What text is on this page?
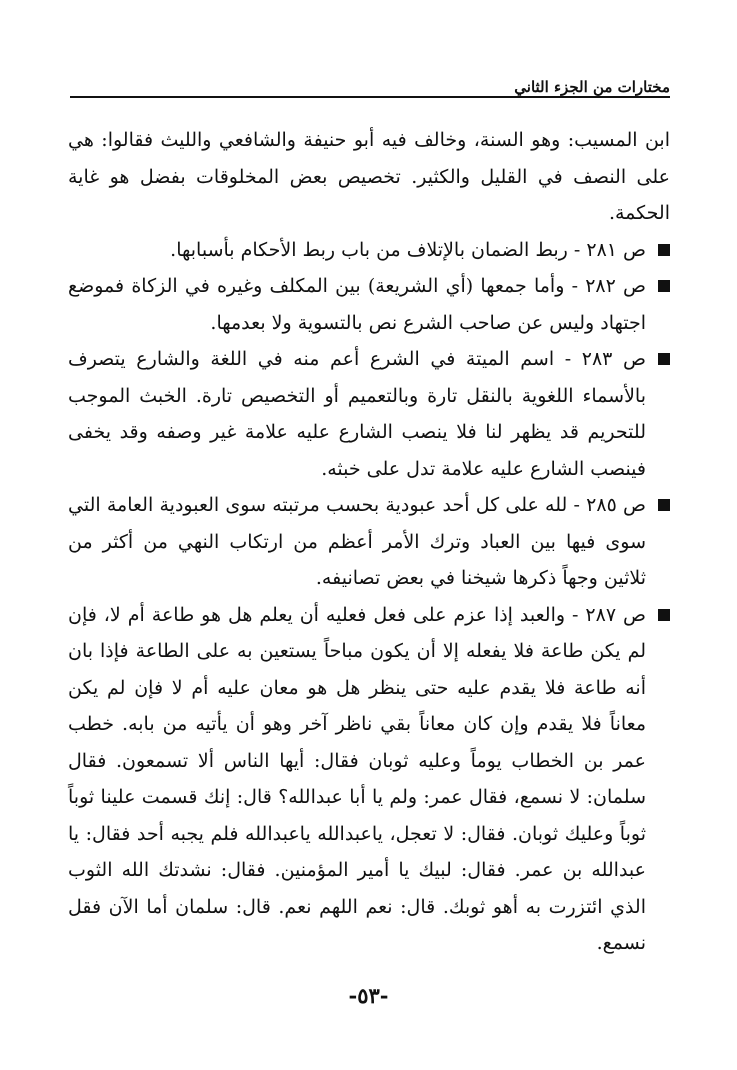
مختارات من الجزء الثاني

ابن المسيب: وهو السنة، وخالف فيه أبو حنيفة والشافعي والليث فقالوا: هي على النصف في القليل والكثير. تخصيص بعض المخلوقات بفضل هو غاية الحكمة.

ص ٢٨١ - ربط الضمان بالإتلاف من باب ربط الأحكام بأسبابها.
ص ٢٨٢ - وأما جمعها (أي الشريعة) بين المكلف وغيره في الزكاة فموضع اجتهاد وليس عن صاحب الشرع نص بالتسوية ولا بعدمها.
ص ٢٨٣ - اسم الميتة في الشرع أعم منه في اللغة والشارع يتصرف بالأسماء اللغوية بالنقل تارة وبالتعميم أو التخصيص تارة. الخبث الموجب للتحريم قد يظهر لنا فلا ينصب الشارع عليه علامة غير وصفه وقد يخفى فينصب الشارع عليه علامة تدل على خبثه.
ص ٢٨٥ - لله على كل أحد عبودية بحسب مرتبته سوى العبودية العامة التي سوى فيها بين العباد وترك الأمر أعظم من ارتكاب النهي من أكثر من ثلاثين وجهاً ذكرها شيخنا في بعض تصانيفه.
ص ٢٨٧ - والعبد إذا عزم على فعل فعليه أن يعلم هل هو طاعة أم لا، فإن لم يكن طاعة فلا يفعله إلا أن يكون مباحاً يستعين به على الطاعة فإذا بان أنه طاعة فلا يقدم عليه حتى ينظر هل هو معان عليه أم لا فإن لم يكن معاناً فلا يقدم وإن كان معاناً بقي ناظر آخر وهو أن يأتيه من بابه. خطب عمر بن الخطاب يوماً وعليه ثوبان فقال: أيها الناس ألا تسمعون. فقال سلمان: لا نسمع، فقال عمر: ولم يا أبا عبدالله؟ قال: إنك قسمت علينا ثوباً ثوباً وعليك ثوبان. فقال: لا تعجل، ياعبدالله ياعبدالله فلم يجبه أحد فقال: يا عبدالله بن عمر. فقال: لبيك يا أمير المؤمنين. فقال: نشدتك الله الثوب الذي ائتزرت به أهو ثوبك. قال: نعم اللهم نعم. قال: سلمان أما الآن فقل نسمع.
-٥٣-
